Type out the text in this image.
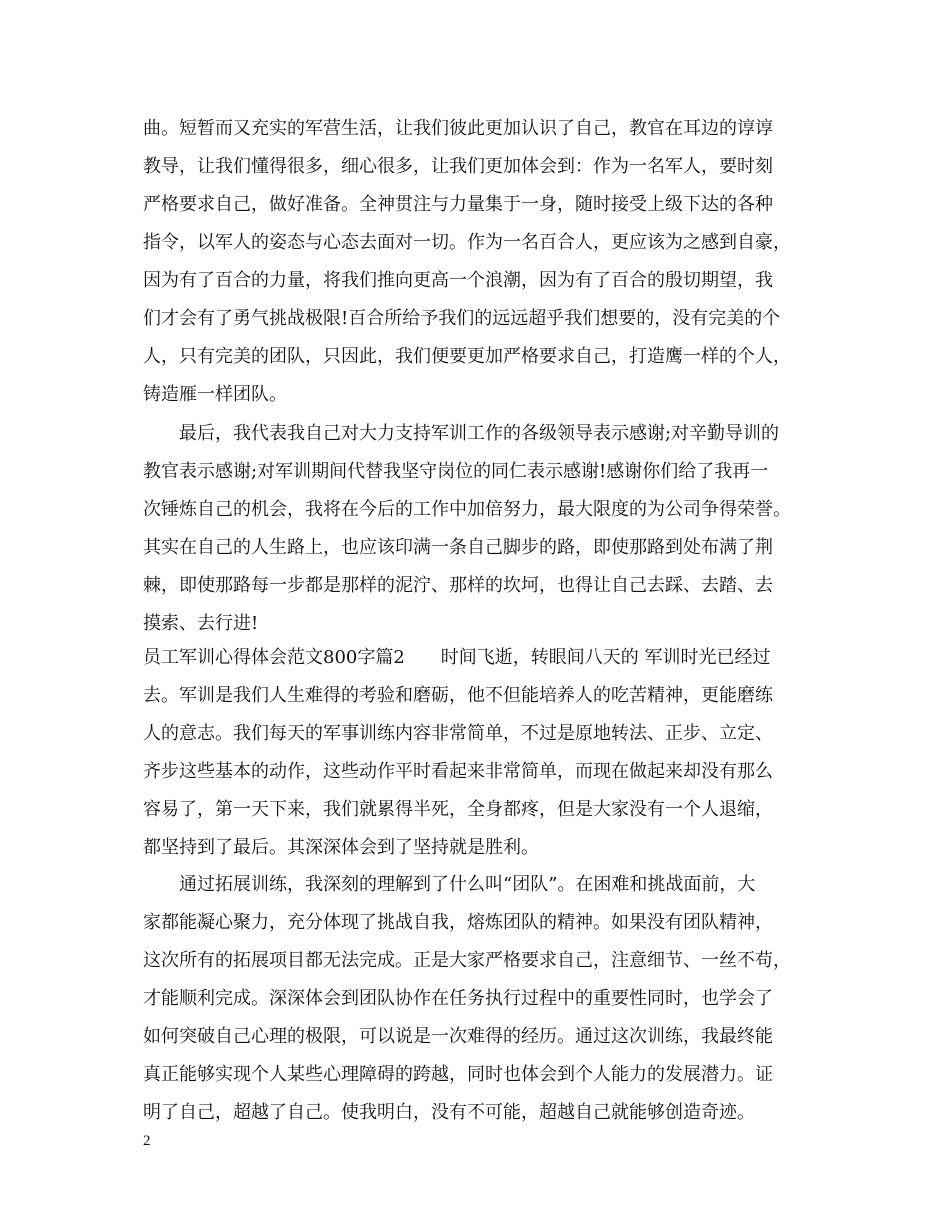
曲。短暂而又充实的军营生活，让我们彼此更加认识了自己，教官在耳边的谆谆
教导，让我们懂得很多，细心很多，让我们更加体会到：作为一名军人，要时刻
严格要求自己，做好准备。全神贯注与力量集于一身，随时接受上级下达的各种
指令，以军人的姿态与心态去面对一切。作为一名百合人，更应该为之感到自豪，
因为有了百合的力量，将我们推向更高一个浪潮，因为有了百合的殷切期望，我
们才会有了勇气挑战极限!百合所给予我们的远远超乎我们想要的，没有完美的个
人，只有完美的团队，只因此，我们便要更加严格要求自己，打造鹰一样的个人，
铸造雁一样团队。
　　最后，我代表我自己对大力支持军训工作的各级领导表示感谢;对辛勤导训的
教官表示感谢;对军训期间代替我坚守岗位的同仁表示感谢!感谢你们给了我再一
次锤炼自己的机会，我将在今后的工作中加倍努力，最大限度的为公司争得荣誉。
其实在自己的人生路上，也应该印满一条自己脚步的路，即使那路到处布满了荆
棘，即使那路每一步都是那样的泥泞、那样的坎坷，也得让自己去踩、去踏、去
摸索、去行进!
员工军训心得体会范文800字篇2　　时间飞逝，转眼间八天的 军训时光已经过
去。军训是我们人生难得的考验和磨砺，他不但能培养人的吃苦精神，更能磨练
人的意志。我们每天的军事训练内容非常简单，不过是原地转法、正步、立定、
齐步这些基本的动作，这些动作平时看起来非常简单，而现在做起来却没有那么
容易了，第一天下来，我们就累得半死，全身都疼，但是大家没有一个人退缩，
都坚持到了最后。其深深体会到了坚持就是胜利。
　　通过拓展训练，我深刻的理解到了什么叫“团队”。在困难和挑战面前，大
家都能凝心聚力，充分体现了挑战自我，熔炼团队的精神。如果没有团队精神，
这次所有的拓展项目都无法完成。正是大家严格要求自己，注意细节、一丝不苟，
才能顺利完成。深深体会到团队协作在任务执行过程中的重要性同时，也学会了
如何突破自己心理的极限，可以说是一次难得的经历。通过这次训练，我最终能
真正能够实现个人某些心理障碍的跨越，同时也体会到个人能力的发展潜力。证
明了自己，超越了自己。使我明白，没有不可能，超越自己就能够创造奇迹。
2
